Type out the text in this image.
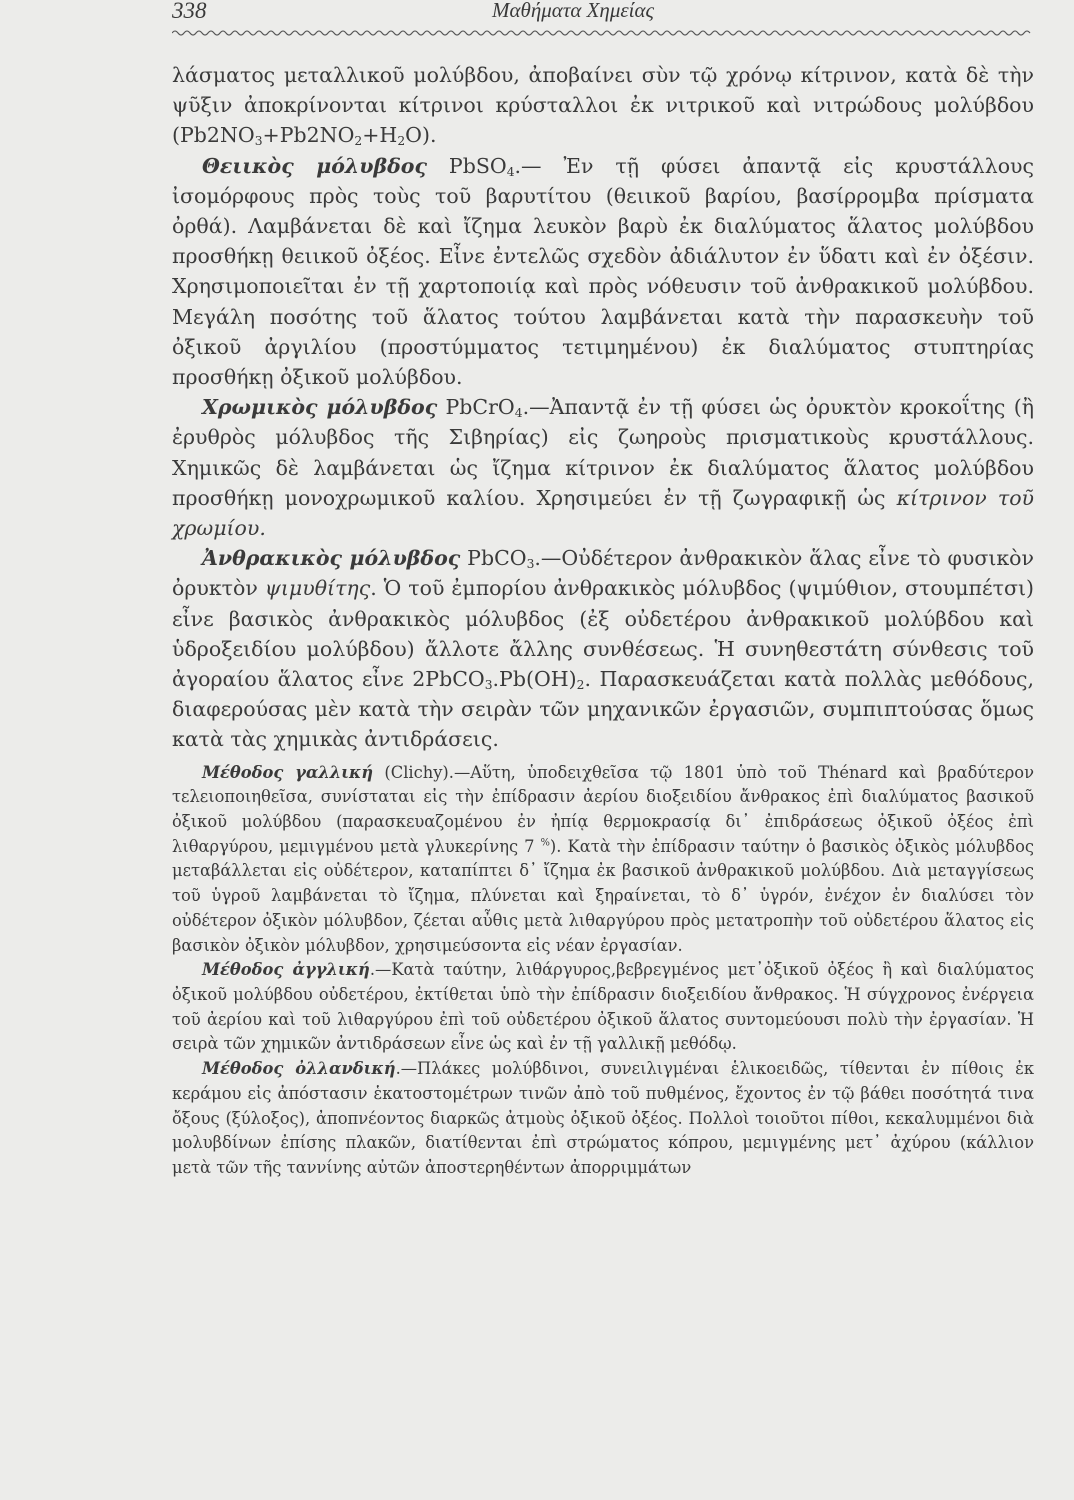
338	Μαθήματα Χημείας

λάσματος μεταλλικοῦ μολύβδου, ἀποβαίνει σὺν τῷ χρόνῳ κίτρινον, κατὰ δὲ τὴν ψῦξιν ἀποκρίνονται κίτρινοι κρύσταλλοι ἐκ νιτρικοῦ καὶ νιτρώδους μολύβδου $(Pb2NO_3+Pb2NO_2+H_2O)$.

Θειικὸς μόλυβδος PbSO$_4$.— Ἐν τῇ φύσει ἀπαντᾷ εἰς κρυστάλλους ἰσομόρφους πρὸς τοὺς τοῦ βαρυτίτου (θειικοῦ βαρίου, βασίρρομβα πρίσματα ὀρθά). Λαμβάνεται δὲ καὶ ἴζημα λευκὸν βαρὺ ἐκ διαλύματος ἅλατος μολύβδου προσθήκῃ θειικοῦ ὀξέος. Εἶνε ἐντελῶς σχεδὸν ἀδιάλυτον ἐν ὕδατι καὶ ἐν ὀξέσιν. Χρησιμοποιεῖται ἐν τῇ χαρτοποιίᾳ καὶ πρὸς νόθευσιν τοῦ ἀνθρακικοῦ μολύβδου. Μεγάλη ποσότης τοῦ ἅλατος τούτου λαμβάνεται κατὰ τὴν παρασκευὴν τοῦ ὀξικοῦ ἀργιλίου (προστύμματος τετιμημένου) ἐκ διαλύματος στυπτηρίας προσθήκῃ ὀξικοῦ μολύβδου.

Χρωμικὸς μόλυβδος PbCrO$_4$.—Ἀπαντᾷ ἐν τῇ φύσει ὡς ὀρυκτὸν κροκοΐτης (ἢ ἐρυθρὸς μόλυβδος τῆς Σιβηρίας) εἰς ζωηροὺς πρισματικοὺς κρυστάλλους. Χημικῶς δὲ λαμβάνεται ὡς ἴζημα κίτρινον ἐκ διαλύματος ἅλατος μολύβδου προσθήκῃ μονοχρωμικοῦ καλίου. Χρησιμεύει ἐν τῇ ζωγραφικῇ ὡς κίτρινον τοῦ χρωμίου.

Ἀνθρακικὸς μόλυβδος PbCO$_3$.—Οὐδέτερον ἀνθρακικὸν ἅλας εἶνε τὸ φυσικὸν ὀρυκτὸν ψιμυθίτης. Ὁ τοῦ ἐμπορίου ἀνθρακικὸς μόλυβδος (ψιμύθιον, στουμπέτσι) εἶνε βασικὸς ἀνθρακικὸς μόλυβδος (ἐξ οὐδετέρου ἀνθρακικοῦ μολύβδου καὶ ὑδροξειδίου μολύβδου) ἄλλοτε ἄλλης συνθέσεως. Ἡ συνηθεστάτη σύνθεσις τοῦ ἀγοραίου ἅλατος εἶνε $2PbCO_3.Pb(OH)_2$. Παρασκευάζεται κατὰ πολλὰς μεθόδους, διαφερούσας μὲν κατὰ τὴν σειρὰν τῶν μηχανικῶν ἐργασιῶν, συμπιπτούσας ὅμως κατὰ τὰς χημικὰς ἀντιδράσεις.

Μέθοδος γαλλική (Clichy).—Αὕτη, ὑποδειχθεῖσα τῷ 1801 ὑπὸ τοῦ Thénard καὶ βραδύτερον τελειοποιηθεῖσα, συνίσταται εἰς τὴν ἐπίδρασιν ἀερίου διοξειδίου ἄνθρακος ἐπὶ διαλύματος βασικοῦ ὀξικοῦ μολύβδου (παρασκευαζομένου ἐν ἠπίᾳ θερμοκρασίᾳ δι᾽ ἐπιδράσεως ὀξικοῦ ὀξέος ἐπὶ λιθαργύρου, μεμιγμένου μετὰ γλυκερίνης 7 %). Κατὰ τὴν ἐπίδρασιν ταύτην ὁ βασικὸς ὀξικὸς μόλυβδος μεταβάλλεται εἰς οὐδέτερον, καταπίπτει δ᾽ ἴζημα ἐκ βασικοῦ ἀνθρακικοῦ μολύβδου. Διὰ μεταγγίσεως τοῦ ὑγροῦ λαμβάνεται τὸ ἴζημα, πλύνεται καὶ ξηραίνεται, τὸ δ᾽ ὑγρόν, ἐνέχον ἐν διαλύσει τὸν οὐδέτερον ὀξικὸν μόλυβδον, ζέεται αὖθις μετὰ λιθαργύρου πρὸς μετατροπὴν τοῦ οὐδετέρου ἅλατος εἰς βασικὸν ὀξικὸν μόλυβδον, χρησιμεύσοντα εἰς νέαν ἐργασίαν.

Μέθοδος ἀγγλική.—Κατὰ ταύτην, λιθάργυρος,βεβρεγμένος μετ᾽ὀξικοῦ ὀξέος ἢ καὶ διαλύματος ὀξικοῦ μολύβδου οὐδετέρου, ἐκτίθεται ὑπὸ τὴν ἐπίδρασιν διοξειδίου ἄνθρακος. Ἡ σύγχρονος ἐνέργεια τοῦ ἀερίου καὶ τοῦ λιθαργύρου ἐπὶ τοῦ οὐδετέρου ὀξικοῦ ἅλατος συντομεύουσι πολὺ τὴν ἐργασίαν. Ἡ σειρὰ τῶν χημικῶν ἀντιδράσεων εἶνε ὡς καὶ ἐν τῇ γαλλικῇ μεθόδῳ.

Μέθοδος ὀλλανδική.—Πλάκες μολύβδινοι, συνειλιγμέναι ἑλικοειδῶς, τίθενται ἐν πίθοις ἐκ κεράμου εἰς ἀπόστασιν ἑκατοστομέτρων τινῶν ἀπὸ τοῦ πυθμένος, ἔχοντος ἐν τῷ βάθει ποσότητά τινα ὄξους (ξύλοξος), ἀποπνέοντος διαρκῶς ἀτμοὺς ὀξικοῦ ὀξέος. Πολλοὶ τοιοῦτοι πίθοι, κεκαλυμμένοι διὰ μολυβδίνων ἐπίσης πλακῶν, διατίθενται ἐπὶ στρώματος κόπρου, μεμιγμένης μετ᾽ ἀχύρου (κάλλιον μετὰ τῶν τῆς ταννίνης αὐτῶν ἀποστερηθέντων ἀπορριμμάτων
